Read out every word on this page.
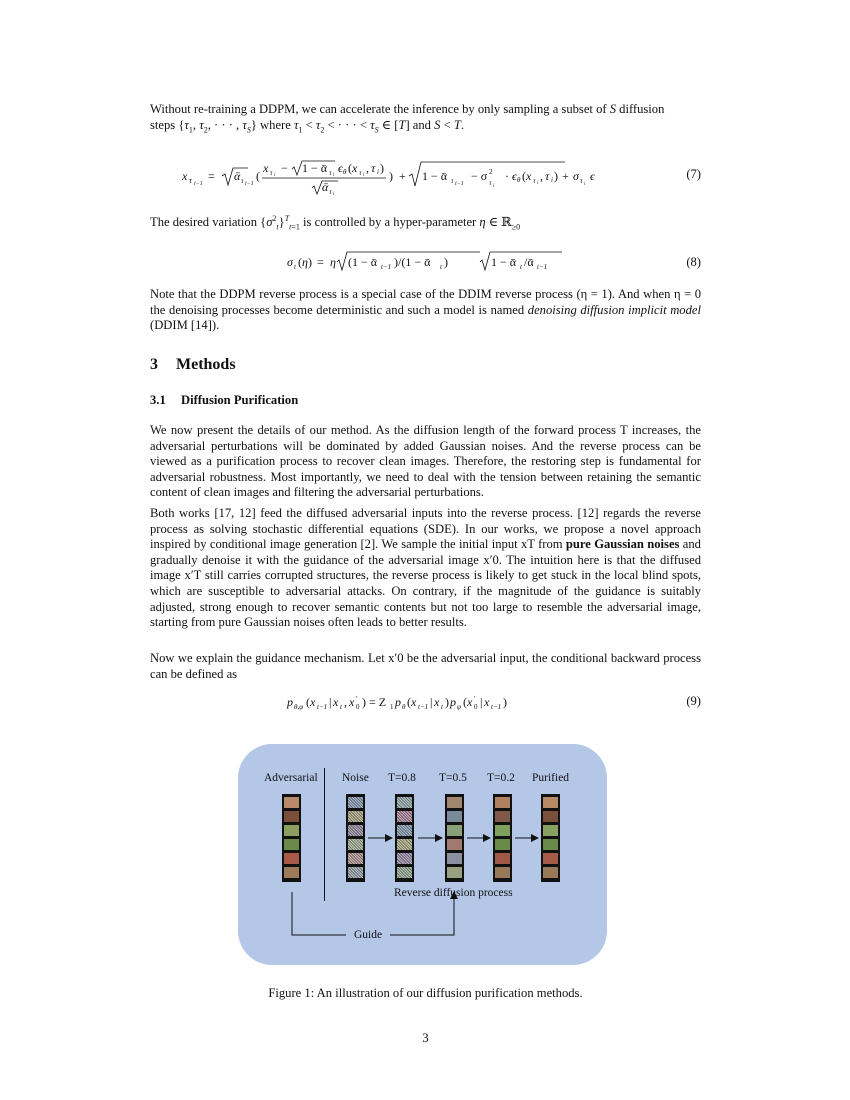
Without re-training a DDPM, we can accelerate the inference by only sampling a subset of S diffusion
steps {$\tau_1$, $\tau_2$, · · · , $\tau_S$} where $\tau_1 < \tau_2$ < · · · < $\tau_S$ ∈ [T] and S < T.
x τ i−1
= ᾱ τ i−1
(
x τ i
− 1 − ᾱ τ i
ϵ θ ( x τ i
, τ i )
ᾱ τ i
) + 1 − ᾱ τ i−1
− σ 2
τ i
· ϵ θ ( x τ i
, τ i ) + σ τ i
ϵ	(7)
The desired variation $\{\sigma^2_t\}^T_{t=1}$ is controlled by a hyper-parameter η ∈ ℝ$_{\ge 0}$
σ t ( η ) = η (1 − ᾱ t−1 )/(1 − ᾱ t )	1 − ᾱ t /ᾱ t−1	(8)
Note that the DDPM reverse process is a special case of the DDIM reverse process (η = 1). And when η = 0 the denoising processes become deterministic and such a model is named denoising diffusion implicit model (DDIM [14]).
3 Methods
3.1 Diffusion Purification
We now present the details of our method. As the diffusion length of the forward process T increases, the adversarial perturbations will be dominated by added Gaussian noises. And the reverse process can be viewed as a purification process to recover clean images. Therefore, the restoring step is fundamental for adversarial robustness. Most importantly, we need to deal with the tension between retaining the semantic content of clean images and filtering the adversarial perturbations.
Both works [17, 12] feed the diffused adversarial inputs into the reverse process. [12] regards the reverse process as solving stochastic differential equations (SDE). In our works, we propose a novel approach inspired by conditional image generation [2]. We sample the initial input xT from pure Gaussian noises and gradually denoise it with the guidance of the adversarial image x′0. The intuition here is that the diffused image x′T still carries corrupted structures, the reverse process is likely to get stuck in the local blind spots, which are susceptible to adversarial attacks. On contrary, if the magnitude of the guidance is suitably adjusted, strong enough to recover semantic contents but not too large to resemble the adversarial image, starting from pure Gaussian noises often leads to better results.
Now we explain the guidance mechanism. Let x′0 be the adversarial input, the conditional backward process can be defined as
p θ,φ ( x t−1 | x t , x ′
0 ) = Z 1 p θ ( x t−1 | x t ) p φ ( x ′
0 | x t−1 )	(9)
Adversarial Noise T=0.8 T=0.5 T=0.2 Purified
Reverse diffusion process
Guide
Figure 1: An illustration of our diffusion purification methods.
3
